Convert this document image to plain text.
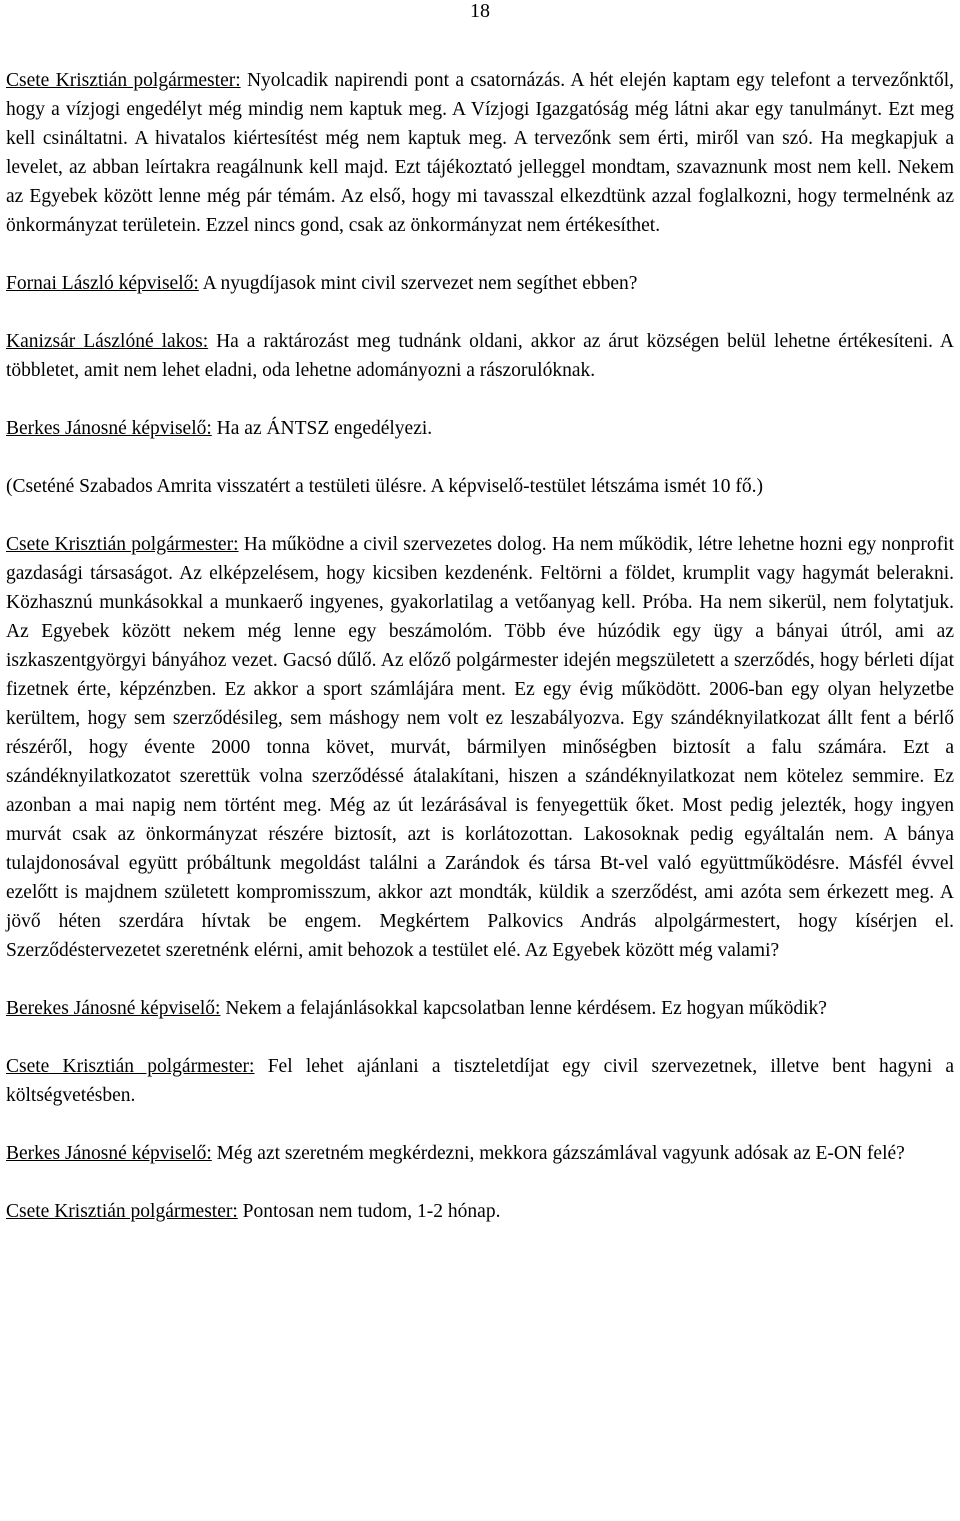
18

Csete Krisztián polgármester: Nyolcadik napirendi pont a csatornázás. A hét elején kaptam egy telefont a tervezőnktől, hogy a vízjogi engedélyt még mindig nem kaptuk meg. A Vízjogi Igazgatóság még látni akar egy tanulmányt. Ezt meg kell csináltatni. A hivatalos kiértesítést még nem kaptuk meg. A tervezőnk sem érti, miről van szó. Ha megkapjuk a levelet, az abban leírtakra reagálnunk kell majd. Ezt tájékoztató jelleggel mondtam, szavaznunk most nem kell. Nekem az Egyebek között lenne még pár témám. Az első, hogy mi tavasszal elkezdtünk azzal foglalkozni, hogy termelnénk az önkormányzat területein. Ezzel nincs gond, csak az önkormányzat nem értékesíthet.

Fornai László képviselő: A nyugdíjasok mint civil szervezet nem segíthet ebben?

Kanizsár Lászlóné lakos: Ha a raktározást meg tudnánk oldani, akkor az árut községen belül lehetne értékesíteni. A többletet, amit nem lehet eladni, oda lehetne adományozni a rászorulóknak.

Berkes Jánosné képviselő: Ha az ÁNTSZ engedélyezi.

(Cseténé Szabados Amrita visszatért a testületi ülésre. A képviselő-testület létszáma ismét 10 fő.)

Csete Krisztián polgármester: Ha működne a civil szervezetes dolog. Ha nem működik, létre lehetne hozni egy nonprofit gazdasági társaságot. Az elképzelésem, hogy kicsiben kezdenénk. Feltörni a földet, krumplit vagy hagymát belerakni. Közhasznú munkásokkal a munkaerő ingyenes, gyakorlatilag a vetőanyag kell. Próba. Ha nem sikerül, nem folytatjuk. Az Egyebek között nekem még lenne egy beszámolóm. Több éve húzódik egy ügy a bányai útról, ami az iszkaszentgyörgyi bányához vezet. Gacsó dűlő. Az előző polgármester idején megszületett a szerződés, hogy bérleti díjat fizetnek érte, képzénzben. Ez akkor a sport számlájára ment. Ez egy évig működött. 2006-ban egy olyan helyzetbe kerültem, hogy sem szerződésileg, sem máshogy nem volt ez leszabályozva. Egy szándéknyilatkozat állt fent a bérlő részéről, hogy évente 2000 tonna követ, murvát, bármilyen minőségben biztosít a falu számára. Ezt a szándéknyilatkozatot szerettük volna szerződéssé átalakítani, hiszen a szándéknyilatkozat nem kötelez semmire. Ez azonban a mai napig nem történt meg. Még az út lezárásával is fenyegettük őket. Most pedig jelezték, hogy ingyen murvát csak az önkormányzat részére biztosít, azt is korlátozottan. Lakosoknak pedig egyáltalán nem. A bánya tulajdonosával együtt próbáltunk megoldást találni a Zarándok és társa Bt-vel való együttműködésre. Másfél évvel ezelőtt is majdnem született kompromisszum, akkor azt mondták, küldik a szerződést, ami azóta sem érkezett meg. A jövő héten szerdára hívtak be engem. Megkértem Palkovics András alpolgármestert, hogy kísérjen el. Szerződéstervezetet szeretnénk elérni, amit behozok a testület elé. Az Egyebek között még valami?

Berekes Jánosné képviselő: Nekem a felajánlásokkal kapcsolatban lenne kérdésem. Ez hogyan működik?

Csete Krisztián polgármester: Fel lehet ajánlani a tiszteletdíjat egy civil szervezetnek, illetve bent hagyni a költségvetésben.

Berkes Jánosné képviselő: Még azt szeretném megkérdezni, mekkora gázszámlával vagyunk adósak az E-ON felé?

Csete Krisztián polgármester: Pontosan nem tudom, 1-2 hónap.
